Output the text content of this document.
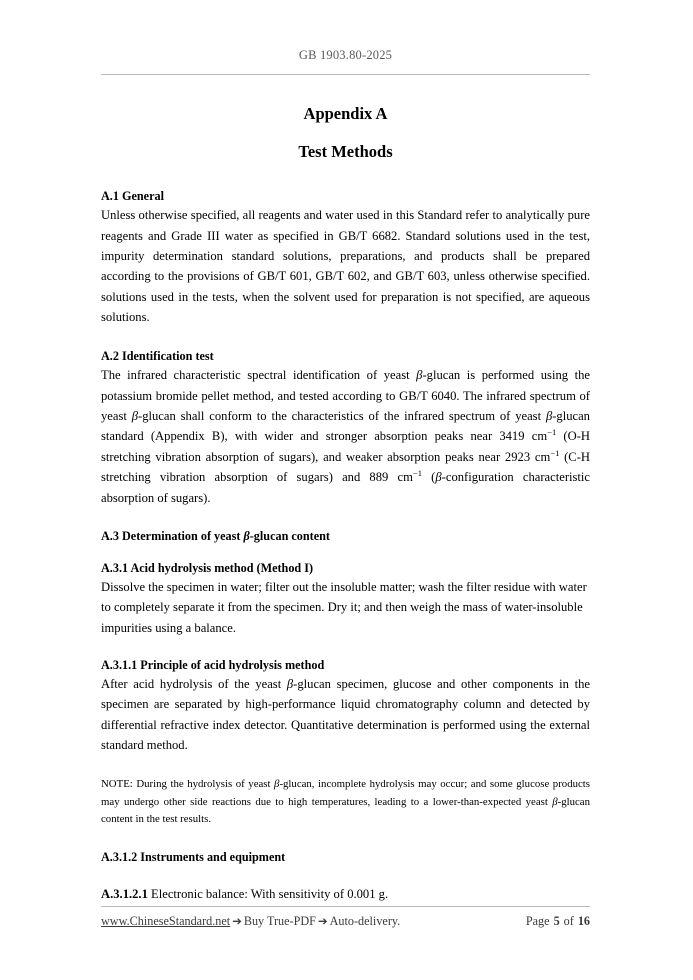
GB 1903.80-2025

Appendix A

Test Methods

A.1 General

Unless otherwise specified, all reagents and water used in this Standard refer to analytically pure reagents and Grade III water as specified in GB/T 6682. Standard solutions used in the test, impurity determination standard solutions, preparations, and products shall be prepared according to the provisions of GB/T 601, GB/T 602, and GB/T 603, unless otherwise specified. solutions used in the tests, when the solvent used for preparation is not specified, are aqueous solutions.

A.2 Identification test

The infrared characteristic spectral identification of yeast β-glucan is performed using the potassium bromide pellet method, and tested according to GB/T 6040. The infrared spectrum of yeast β-glucan shall conform to the characteristics of the infrared spectrum of yeast β-glucan standard (Appendix B), with wider and stronger absorption peaks near 3419 $cm^{-1}$ (O-H stretching vibration absorption of sugars), and weaker absorption peaks near 2923 $cm^{-1}$ (C-H stretching vibration absorption of sugars) and 889 $cm^{-1}$ (β-configuration characteristic absorption of sugars).

A.3 Determination of yeast β-glucan content
A.3.1 Acid hydrolysis method (Method I)

Dissolve the specimen in water; filter out the insoluble matter; wash the filter residue with water to completely separate it from the specimen. Dry it; and then weigh the mass of water-insoluble impurities using a balance.

A.3.1.1 Principle of acid hydrolysis method

After acid hydrolysis of the yeast β-glucan specimen, glucose and other components in the specimen are separated by high-performance liquid chromatography column and detected by differential refractive index detector. Quantitative determination is performed using the external standard method.

NOTE: During the hydrolysis of yeast β-glucan, incomplete hydrolysis may occur; and some glucose products may undergo other side reactions due to high temperatures, leading to a lower-than-expected yeast β-glucan content in the test results.

A.3.1.2 Instruments and equipment

A.3.1.2.1 Electronic balance: With sensitivity of 0.001 g.

www.ChineseStandard.net ➔ Buy True-PDF ➔ Auto-delivery.	Page 5 of 16
